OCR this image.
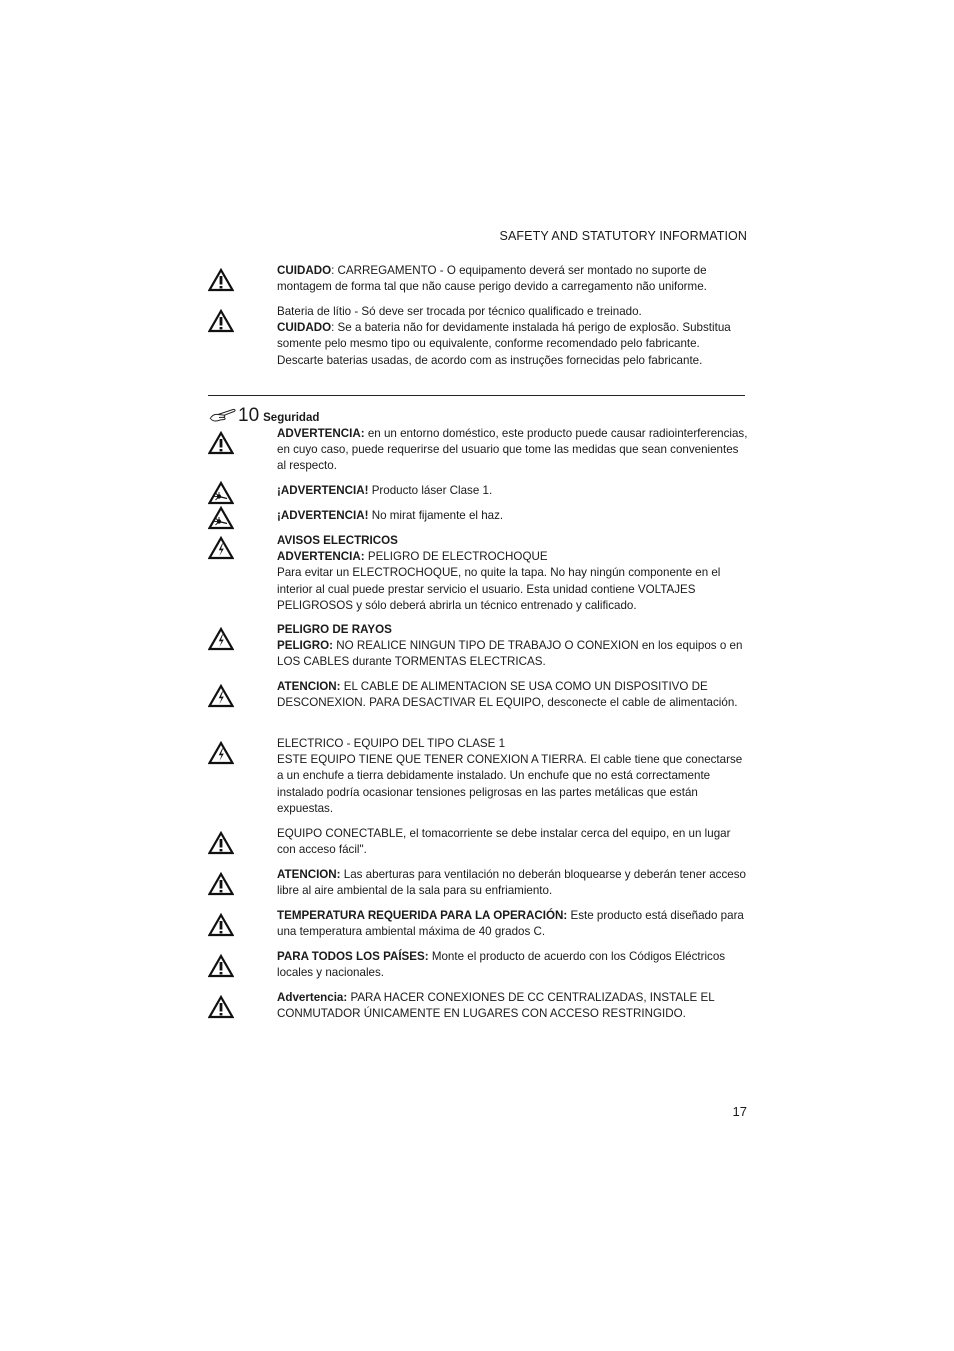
SAFETY AND STATUTORY INFORMATION

CUIDADO: CARREGAMENTO - O equipamento deverá ser montado no suporte de montagem de forma tal que não cause perigo devido a carregamento não uniforme.

Bateria de lítio - Só deve ser trocada por técnico qualificado e treinado.

CUIDADO: Se a bateria não for devidamente instalada há perigo de explosão. Substitua somente pelo mesmo tipo ou equivalente, conforme recomendado pelo fabricante. Descarte baterias usadas, de acordo com as instruções fornecidas pelo fabricante.

10 Seguridad

ADVERTENCIA: en un entorno doméstico, este producto puede causar radiointerferencias, en cuyo caso, puede requerirse del usuario que tome las medidas que sean convenientes al respecto.

¡ADVERTENCIA! Producto láser Clase 1.

¡ADVERTENCIA! No mirat fijamente el haz.

AVISOS ELECTRICOS

ADVERTENCIA: PELIGRO DE ELECTROCHOQUE

Para evitar un ELECTROCHOQUE, no quite la tapa. No hay ningún componente en el interior al cual puede prestar servicio el usuario. Esta unidad contiene VOLTAJES PELIGROSOS y sólo deberá abrirla un técnico entrenado y calificado.

PELIGRO DE RAYOS

PELIGRO: NO REALICE NINGUN TIPO DE TRABAJO O CONEXION en los equipos o en LOS CABLES durante TORMENTAS ELECTRICAS.

ATENCION: EL CABLE DE ALIMENTACION SE USA COMO UN DISPOSITIVO DE DESCONEXION. PARA DESACTIVAR EL EQUIPO, desconecte el cable de alimentación.

ELECTRICO - EQUIPO DEL TIPO CLASE 1

ESTE EQUIPO TIENE QUE TENER CONEXION A TIERRA. El cable tiene que conectarse a un enchufe a tierra debidamente instalado. Un enchufe que no está correctamente instalado podría ocasionar tensiones peligrosas en las partes metálicas que están expuestas.

EQUIPO CONECTABLE, el tomacorriente se debe instalar cerca del equipo, en un lugar con acceso fácil".

ATENCION: Las aberturas para ventilación no deberán bloquearse y deberán tener acceso libre al aire ambiental de la sala para su enfriamiento.

TEMPERATURA REQUERIDA PARA LA OPERACIÓN: Este producto está diseñado para una temperatura ambiental máxima de 40 grados C.

PARA TODOS LOS PAÍSES: Monte el producto de acuerdo con los Códigos Eléctricos locales y nacionales.

Advertencia: PARA HACER CONEXIONES DE CC CENTRALIZADAS, INSTALE EL CONMUTADOR ÚNICAMENTE EN LUGARES CON ACCESO RESTRINGIDO.

17
